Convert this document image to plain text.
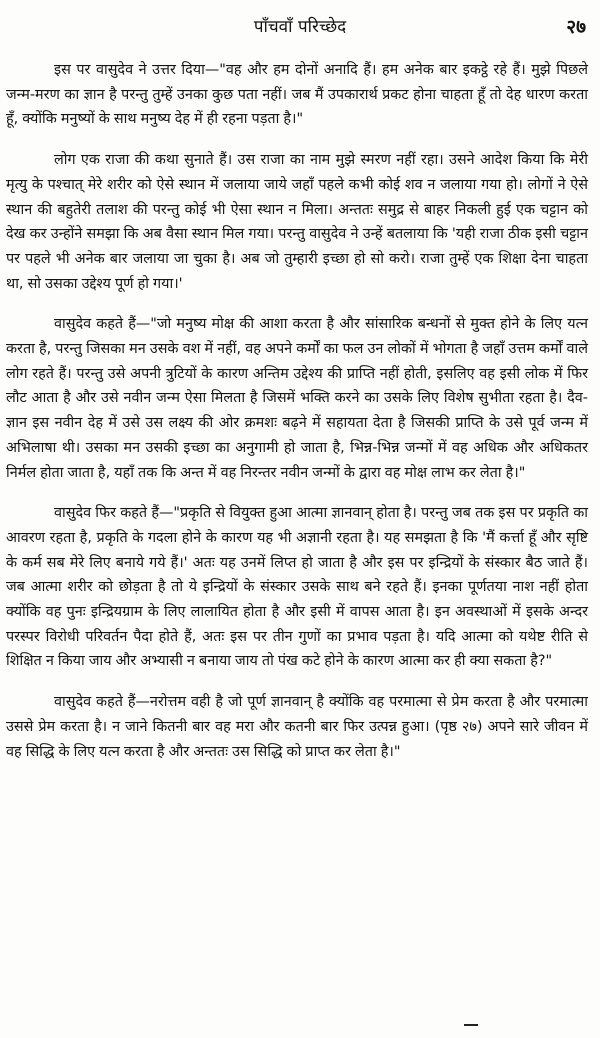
पाँचवाँ परिच्छेद	२७

इस पर वासुदेव ने उत्तर दिया—"वह और हम दोनों अनादि हैं। हम अनेक बार इकट्ठे रहे हैं। मुझे पिछले जन्म-मरण का ज्ञान है परन्तु तुम्हें उनका कुछ पता नहीं। जब मैं उपकारार्थ प्रकट होना चाहता हूँ तो देह धारण करता हूँ, क्योंकि मनुष्यों के साथ मनुष्य देह में ही रहना पड़ता है।"

लोग एक राजा की कथा सुनाते हैं। उस राजा का नाम मुझे स्मरण नहीं रहा। उसने आदेश किया कि मेरी मृत्यु के पश्चात् मेरे शरीर को ऐसे स्थान में जलाया जाये जहाँ पहले कभी कोई शव न जलाया गया हो। लोगों ने ऐसे स्थान की बहुतेरी तलाश की परन्तु कोई भी ऐसा स्थान न मिला। अन्ततः समुद्र से बाहर निकली हुई एक चट्टान को देख कर उन्होंने समझा कि अब वैसा स्थान मिल गया। परन्तु वासुदेव ने उन्हें बतलाया कि 'यही राजा ठीक इसी चट्टान पर पहले भी अनेक बार जलाया जा चुका है। अब जो तुम्हारी इच्छा हो सो करो। राजा तुम्हें एक शिक्षा देना चाहता था, सो उसका उद्देश्य पूर्ण हो गया।'

वासुदेव कहते हैं—"जो मनुष्य मोक्ष की आशा करता है और सांसारिक बन्धनों से मुक्त होने के लिए यत्न करता है, परन्तु जिसका मन उसके वश में नहीं, वह अपने कर्मों का फल उन लोकों में भोगता है जहाँ उत्तम कर्मों वाले लोग रहते हैं। परन्तु उसे अपनी त्रुटियों के कारण अन्तिम उद्देश्य की प्राप्ति नहीं होती, इसलिए वह इसी लोक में फिर लौट आता है और उसे नवीन जन्म ऐसा मिलता है जिसमें भक्ति करने का उसके लिए विशेष सुभीता रहता है। दैव-ज्ञान इस नवीन देह में उसे उस लक्ष्य की ओर क्रमशः बढ़ने में सहायता देता है जिसकी प्राप्ति के उसे पूर्व जन्म में अभिलाषा थी। उसका मन उसकी इच्छा का अनुगामी हो जाता है, भिन्न-भिन्न जन्मों में वह अधिक और अधिकतर निर्मल होता जाता है, यहाँ तक कि अन्त में वह निरन्तर नवीन जन्मों के द्वारा वह मोक्ष लाभ कर लेता है।"

वासुदेव फिर कहते हैं—"प्रकृति से वियुक्त हुआ आत्मा ज्ञानवान् होता है। परन्तु जब तक इस पर प्रकृति का आवरण रहता है, प्रकृति के गदला होने के कारण यह भी अज्ञानी रहता है। यह समझता है कि 'मैं कर्त्ता हूँ और सृष्टि के कर्म सब मेरे लिए बनाये गये हैं।' अतः यह उनमें लिप्त हो जाता है और इस पर इन्द्रियों के संस्कार बैठ जाते हैं। जब आत्मा शरीर को छोड़ता है तो ये इन्द्रियों के संस्कार उसके साथ बने रहते हैं। इनका पूर्णतया नाश नहीं होता क्योंकि वह पुनः इन्द्रियग्राम के लिए लालायित होता है और इसी में वापस आता है। इन अवस्थाओं में इसके अन्दर परस्पर विरोधी परिवर्तन पैदा होते हैं, अतः इस पर तीन गुणों का प्रभाव पड़ता है। यदि आत्मा को यथेष्ट रीति से शिक्षित न किया जाय और अभ्यासी न बनाया जाय तो पंख कटे होने के कारण आत्मा कर ही क्या सकता है?"

वासुदेव कहते हैं—नरोत्तम वही है जो पूर्ण ज्ञानवान् है क्योंकि वह परमात्मा से प्रेम करता है और परमात्मा उससे प्रेम करता है। न जाने कितनी बार वह मरा और कतनी बार फिर उत्पन्न हुआ। (पृष्ठ २७) अपने सारे जीवन में वह सिद्धि के लिए यत्न करता है और अन्ततः उस सिद्धि को प्राप्त कर लेता है।"
